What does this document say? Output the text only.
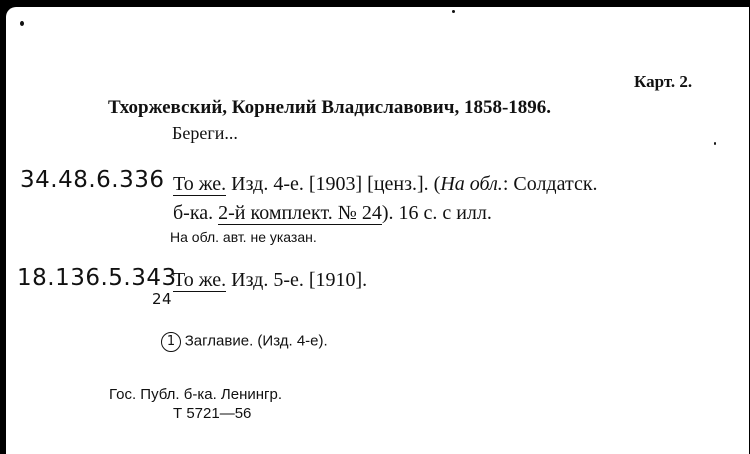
Карт. 2.
Тхоржевский, Корнелий Владиславович, 1858-1896.
Береги...
34.48.6.336 То же. Изд. 4-е. [1903] [ценз.]. (На обл.: Солдатск.
б-ка. 2-й комплект. № 24). 16 с. с илл.
На обл. авт. не указан.
18.136.5.343
24
То же. Изд. 5-е. [1910].
1 Заглавие. (Изд. 4-е).
Гос. Публ. б-ка. Ленингр.
Т 5721—56
